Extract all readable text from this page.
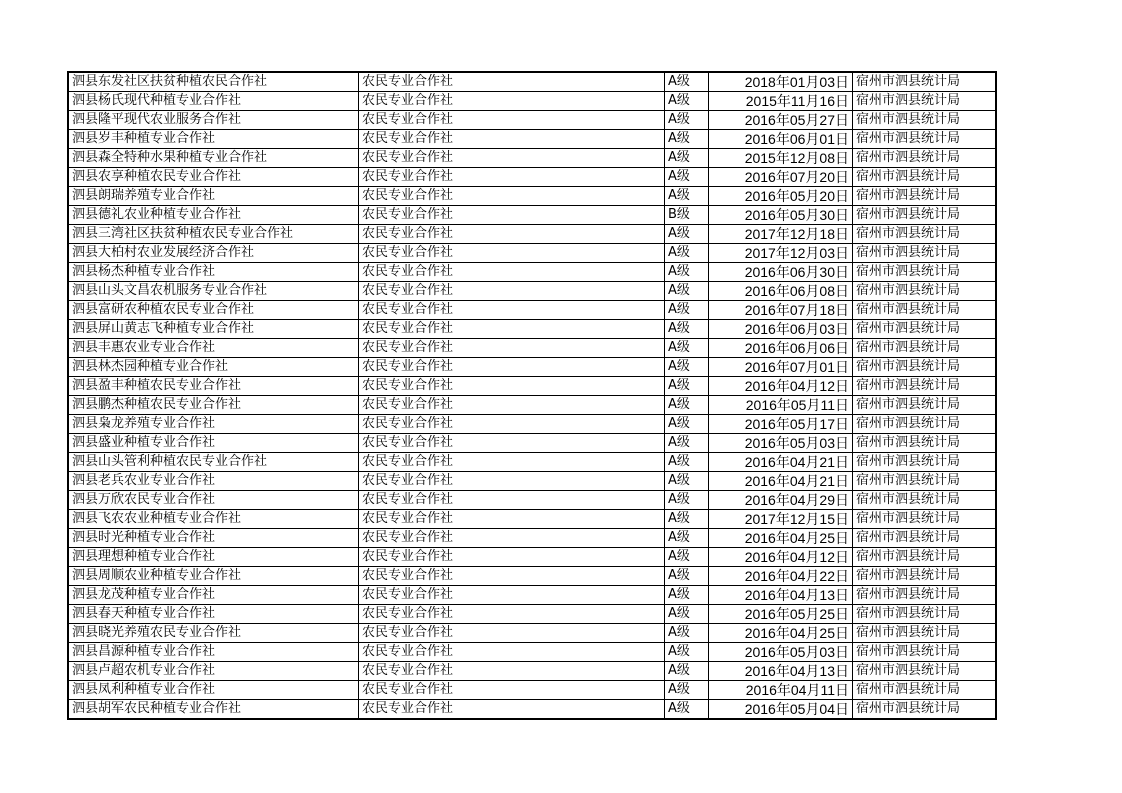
泗县东发社区扶贫种植农民合作社	农民专业合作社	A级	2018年01月03日	宿州市泗县统计局
泗县杨氏现代种植专业合作社	农民专业合作社	A级	2015年11月16日	宿州市泗县统计局
泗县隆平现代农业服务合作社	农民专业合作社	A级	2016年05月27日	宿州市泗县统计局
泗县岁丰种植专业合作社	农民专业合作社	A级	2016年06月01日	宿州市泗县统计局
泗县森全特种水果种植专业合作社	农民专业合作社	A级	2015年12月08日	宿州市泗县统计局
泗县农享种植农民专业合作社	农民专业合作社	A级	2016年07月20日	宿州市泗县统计局
泗县朗瑞养殖专业合作社	农民专业合作社	A级	2016年05月20日	宿州市泗县统计局
泗县德礼农业种植专业合作社	农民专业合作社	B级	2016年05月30日	宿州市泗县统计局
泗县三湾社区扶贫种植农民专业合作社	农民专业合作社	A级	2017年12月18日	宿州市泗县统计局
泗县大柏村农业发展经济合作社	农民专业合作社	A级	2017年12月03日	宿州市泗县统计局
泗县杨杰种植专业合作社	农民专业合作社	A级	2016年06月30日	宿州市泗县统计局
泗县山头文昌农机服务专业合作社	农民专业合作社	A级	2016年06月08日	宿州市泗县统计局
泗县富研农种植农民专业合作社	农民专业合作社	A级	2016年07月18日	宿州市泗县统计局
泗县屏山黄志飞种植专业合作社	农民专业合作社	A级	2016年06月03日	宿州市泗县统计局
泗县丰惠农业专业合作社	农民专业合作社	A级	2016年06月06日	宿州市泗县统计局
泗县林杰园种植专业合作社	农民专业合作社	A级	2016年07月01日	宿州市泗县统计局
泗县盈丰种植农民专业合作社	农民专业合作社	A级	2016年04月12日	宿州市泗县统计局
泗县鹏杰种植农民专业合作社	农民专业合作社	A级	2016年05月11日	宿州市泗县统计局
泗县枭龙养殖专业合作社	农民专业合作社	A级	2016年05月17日	宿州市泗县统计局
泗县盛业种植专业合作社	农民专业合作社	A级	2016年05月03日	宿州市泗县统计局
泗县山头管利种植农民专业合作社	农民专业合作社	A级	2016年04月21日	宿州市泗县统计局
泗县老兵农业专业合作社	农民专业合作社	A级	2016年04月21日	宿州市泗县统计局
泗县万欣农民专业合作社	农民专业合作社	A级	2016年04月29日	宿州市泗县统计局
泗县飞农农业种植专业合作社	农民专业合作社	A级	2017年12月15日	宿州市泗县统计局
泗县时光种植专业合作社	农民专业合作社	A级	2016年04月25日	宿州市泗县统计局
泗县理想种植专业合作社	农民专业合作社	A级	2016年04月12日	宿州市泗县统计局
泗县周顺农业种植专业合作社	农民专业合作社	A级	2016年04月22日	宿州市泗县统计局
泗县龙茂种植专业合作社	农民专业合作社	A级	2016年04月13日	宿州市泗县统计局
泗县春天种植专业合作社	农民专业合作社	A级	2016年05月25日	宿州市泗县统计局
泗县晓光养殖农民专业合作社	农民专业合作社	A级	2016年04月25日	宿州市泗县统计局
泗县昌源种植专业合作社	农民专业合作社	A级	2016年05月03日	宿州市泗县统计局
泗县卢超农机专业合作社	农民专业合作社	A级	2016年04月13日	宿州市泗县统计局
泗县凤利种植专业合作社	农民专业合作社	A级	2016年04月11日	宿州市泗县统计局
泗县胡军农民种植专业合作社	农民专业合作社	A级	2016年05月04日	宿州市泗县统计局
